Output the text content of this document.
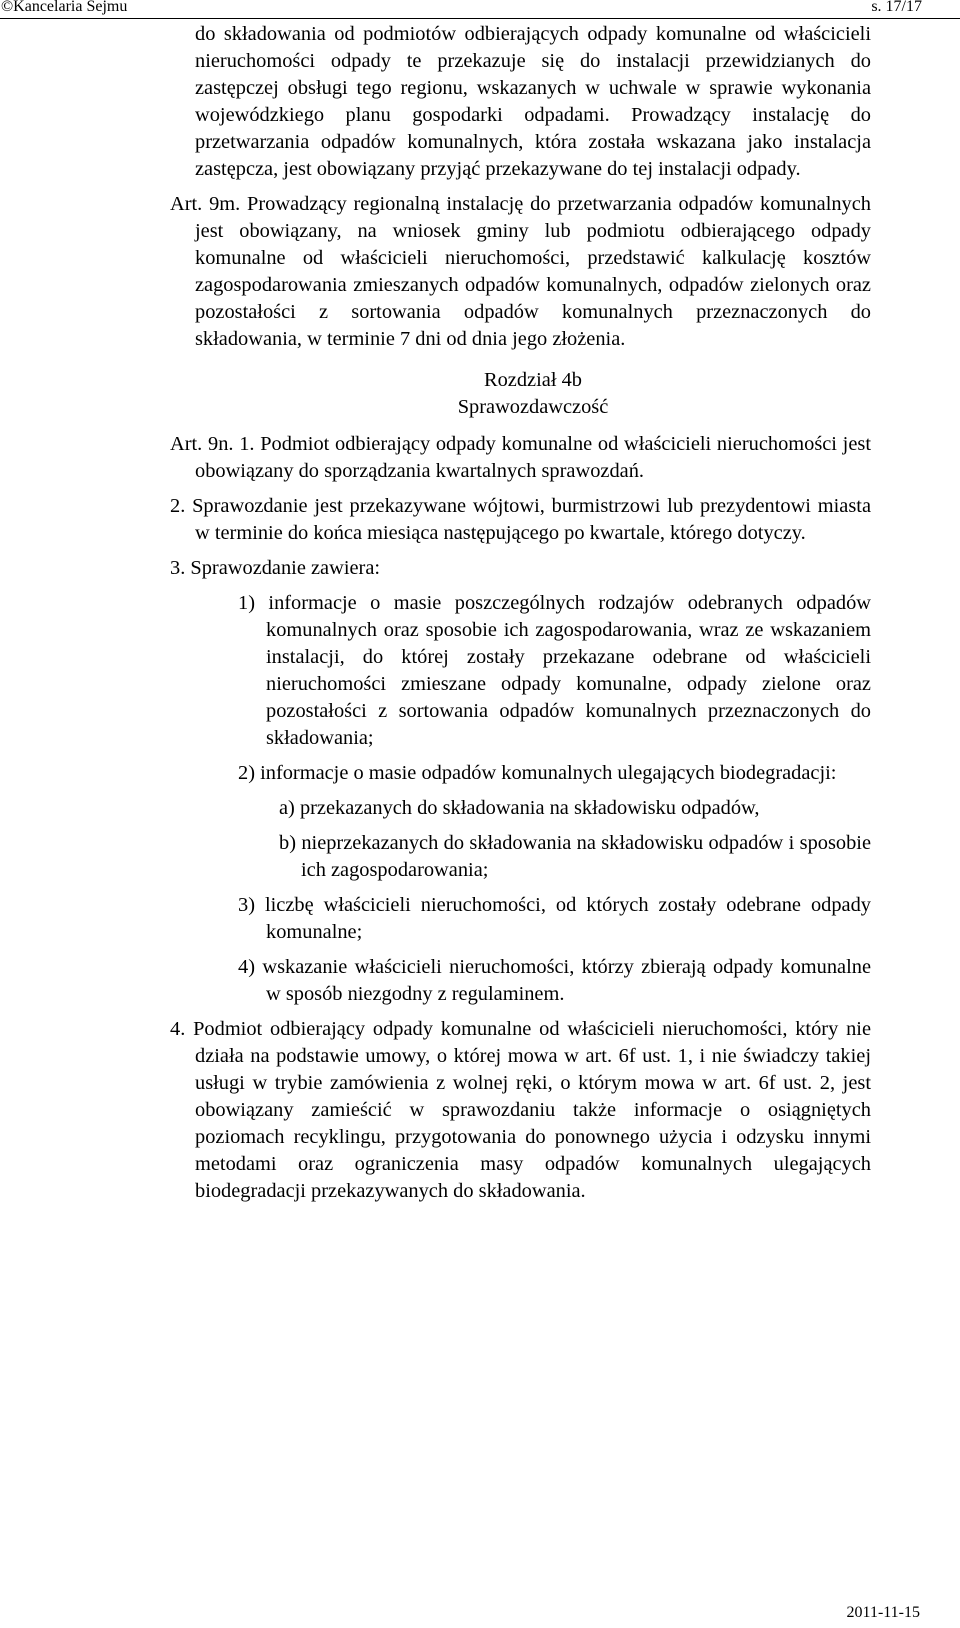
©Kancelaria Sejmu	s. 17/17

do składowania od podmiotów odbierających odpady komunalne od właścicieli nieruchomości odpady te przekazuje się do instalacji przewidzianych do zastępczej obsługi tego regionu, wskazanych w uchwale w sprawie wykonania wojewódzkiego planu gospodarki odpadami. Prowadzący instalację do przetwarzania odpadów komunalnych, która została wskazana jako instalacja zastępcza, jest obowiązany przyjąć przekazywane do tej instalacji odpady.

Art. 9m. Prowadzący regionalną instalację do przetwarzania odpadów komunalnych jest obowiązany, na wniosek gminy lub podmiotu odbierającego odpady komunalne od właścicieli nieruchomości, przedstawić kalkulację kosztów zagospodarowania zmieszanych odpadów komunalnych, odpadów zielonych oraz pozostałości z sortowania odpadów komunalnych przeznaczonych do składowania, w terminie 7 dni od dnia jego złożenia.

Rozdział 4b

Sprawozdawczość

Art. 9n. 1. Podmiot odbierający odpady komunalne od właścicieli nieruchomości jest obowiązany do sporządzania kwartalnych sprawozdań.

2. Sprawozdanie jest przekazywane wójtowi, burmistrzowi lub prezydentowi miasta w terminie do końca miesiąca następującego po kwartale, którego dotyczy.

3. Sprawozdanie zawiera:

1) informacje o masie poszczególnych rodzajów odebranych odpadów komunalnych oraz sposobie ich zagospodarowania, wraz ze wskazaniem instalacji, do której zostały przekazane odebrane od właścicieli nieruchomości zmieszane odpady komunalne, odpady zielone oraz pozostałości z sortowania odpadów komunalnych przeznaczonych do składowania;

2) informacje o masie odpadów komunalnych ulegających biodegradacji:

a) przekazanych do składowania na składowisku odpadów,

b) nieprzekazanych do składowania na składowisku odpadów i sposobie ich zagospodarowania;

3) liczbę właścicieli nieruchomości, od których zostały odebrane odpady komunalne;

4) wskazanie właścicieli nieruchomości, którzy zbierają odpady komunalne w sposób niezgodny z regulaminem.

4. Podmiot odbierający odpady komunalne od właścicieli nieruchomości, który nie działa na podstawie umowy, o której mowa w art. 6f ust. 1, i nie świadczy takiej usługi w trybie zamówienia z wolnej ręki, o którym mowa w art. 6f ust. 2, jest obowiązany zamieścić w sprawozdaniu także informacje o osiągniętych poziomach recyklingu, przygotowania do ponownego użycia i odzysku innymi metodami oraz ograniczenia masy odpadów komunalnych ulegających biodegradacji przekazywanych do składowania.

2011-11-15
